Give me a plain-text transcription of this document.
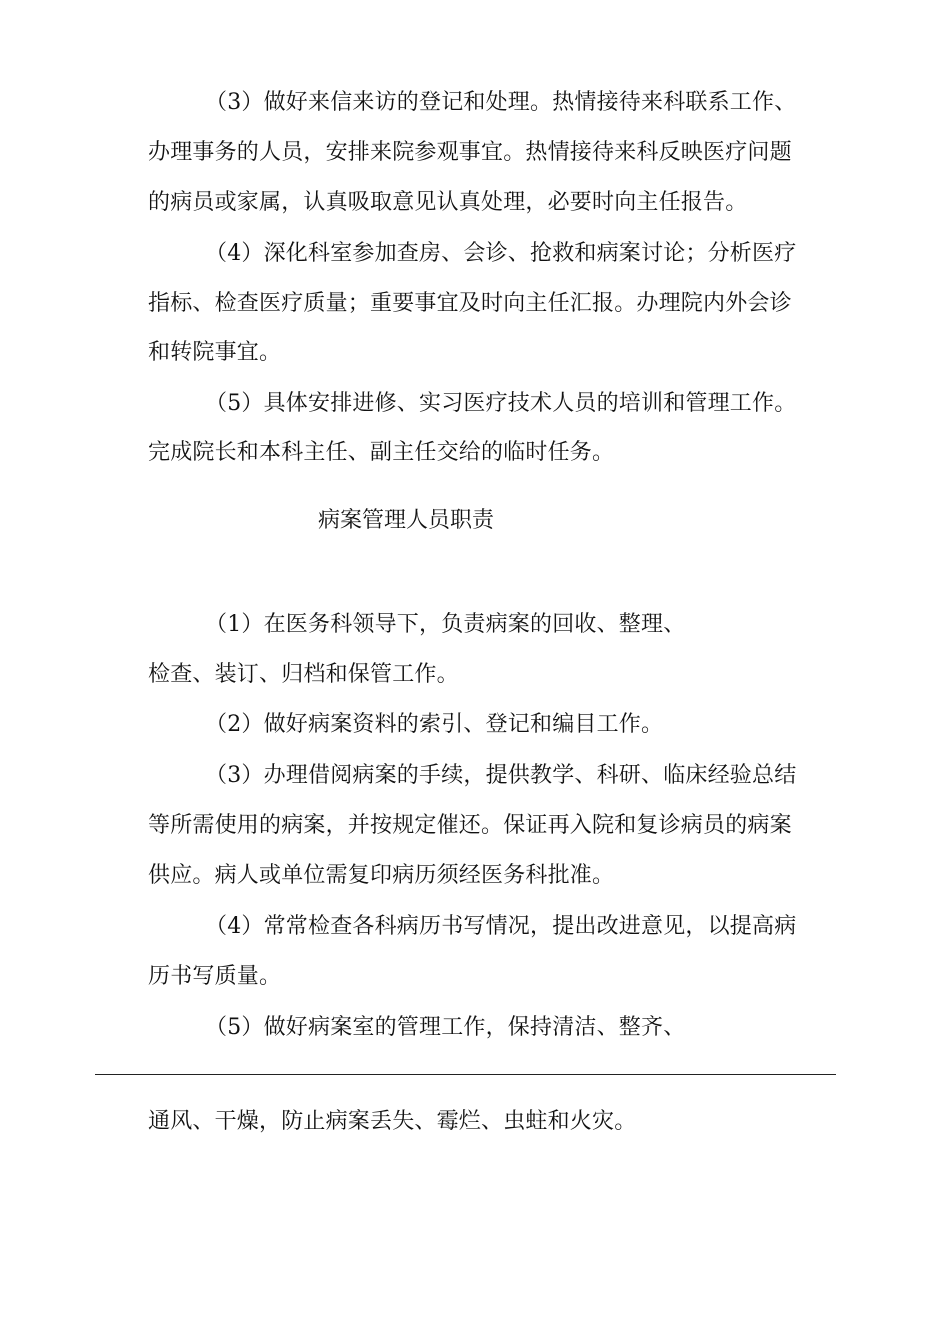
（3）做好来信来访的登记和处理。热情接待来科联系工作、
办理事务的人员，安排来院参观事宜。热情接待来科反映医疗问题
的病员或家属，认真吸取意见认真处理，必要时向主任报告。
（4）深化科室参加查房、会诊、抢救和病案讨论；分析医疗
指标、检查医疗质量；重要事宜及时向主任汇报。办理院内外会诊
和转院事宜。
（5）具体安排进修、实习医疗技术人员的培训和管理工作。
完成院长和本科主任、副主任交给的临时任务。
病案管理人员职责
（1）在医务科领导下，负责病案的回收、整理、
检查、装订、归档和保管工作。
（2）做好病案资料的索引、登记和编目工作。
（3）办理借阅病案的手续，提供教学、科研、临床经验总结
等所需使用的病案，并按规定催还。保证再入院和复诊病员的病案
供应。病人或单位需复印病历须经医务科批准。
（4）常常检查各科病历书写情况，提出改进意见，以提高病
历书写质量。
（5）做好病案室的管理工作，保持清洁、整齐、
通风、干燥，防止病案丢失、霉烂、虫蛀和火灾。
